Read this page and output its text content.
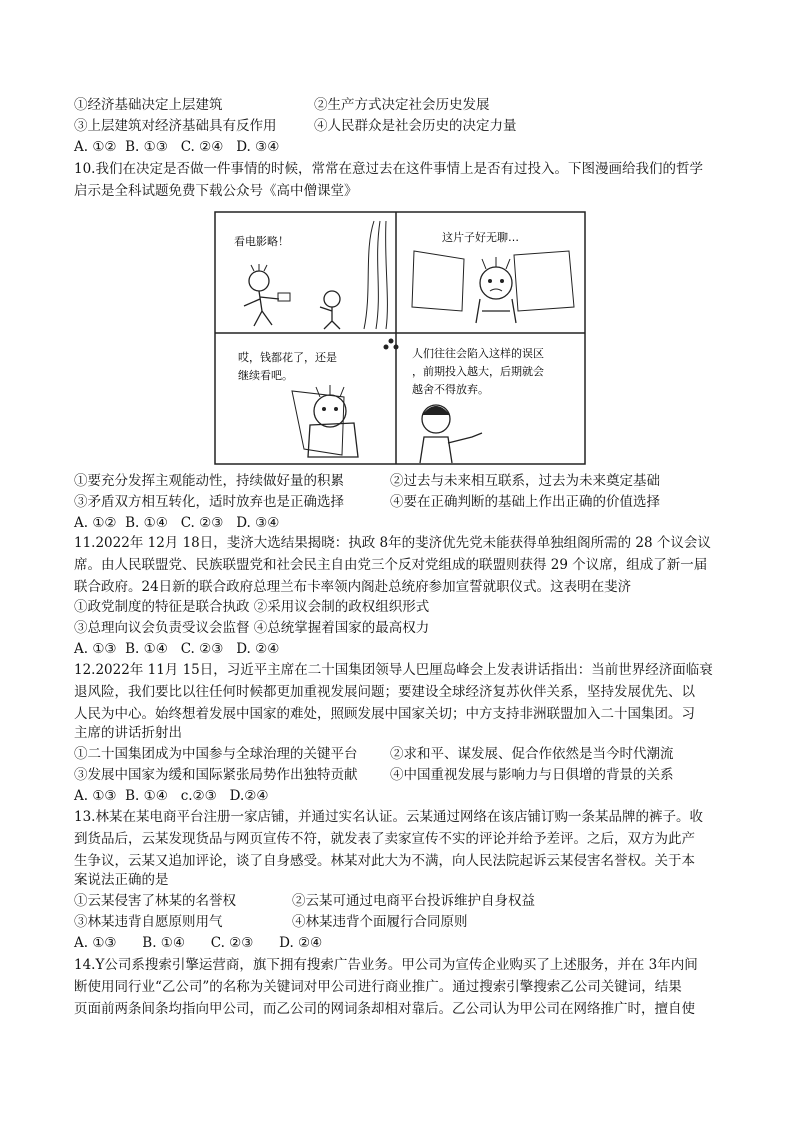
①经济基础决定上层建筑	②生产方式决定社会历史发展
③上层建筑对经济基础具有反作用	④人民群众是社会历史的决定力量
A. ①②  B. ①③   C. ②④   D. ③④
10.我们在决定是否做一件事情的时候，常常在意过去在这件事情上是否有过投入。下图漫画给我们的哲学
启示是全科试题免费下载公众号《高中僧课堂》
看电影略！	这片子好无聊…
哎，钱都花了，还是
继续看吧。
人们往往会陷入这样的误区
，前期投入越大，后期就会
越舍不得放弃。
①要充分发挥主观能动性，持续做好量的积累	②过去与未来相互联系，过去为未来奠定基础
③矛盾双方相互转化，适时放弃也是正确选择	④要在正确判断的基础上作出正确的价值选择
A. ①②  B. ①④   C. ②③   D. ③④
11.2022年 12月 18日，斐济大选结果揭晓：执政 8年的斐济优先党未能获得单独组阁所需的 28 个议会议
席。由人民联盟党、民族联盟党和社会民主自由党三个反对党组成的联盟则获得 29 个议席，组成了新一届
联合政府。24日新的联合政府总理兰布卡率领内阁赴总统府参加宣誓就职仪式。这表明在斐济
①政党制度的特征是联合执政 ②采用议会制的政权组织形式
③总理向议会负责受议会监督 ④总统掌握着国家的最高权力
A. ①③  B. ①④   C. ②③   D. ②④
12.2022年 11月 15日，习近平主席在二十国集团领导人巴厘岛峰会上发表讲话指出：当前世界经济面临衰
退风险，我们要比以往任何时候都更加重视发展问题；要建设全球经济复苏伙伴关系，坚持发展优先、以
人民为中心。始终想着发展中国家的难处，照顾发展中国家关切；中方支持非洲联盟加入二十国集团。习
主席的讲话折射出
①二十国集团成为中国参与全球治理的关键平台 ②求和平、谋发展、促合作依然是当今时代潮流
③发展中国家为缓和国际紧张局势作出独特贡献 ④中国重视发展与影响力与日俱增的背景的关系
A. ①③  B. ①④   c.②③   D.②④
13.林某在某电商平台注册一家店铺，并通过实名认证。云某通过网络在该店铺订购一条某品牌的裤子。收
到货品后，云某发现货品与网页宣传不符，就发表了卖家宣传不实的评论并给予差评。之后，双方为此产
生争议，云某又追加评论，谈了自身感受。林某对此大为不满，向人民法院起诉云某侵害名誉权。关于本
案说法正确的是
①云某侵害了林某的名誉权	②云某可通过电商平台投诉维护自身权益
③林某违背自愿原则用气	④林某违背个面履行合同原则
A. ①③      B. ①④      C. ②③      D. ②④
14.Y公司系搜索引擎运营商，旗下拥有搜索广告业务。甲公司为宣传企业购买了上述服务，并在 3年内间
断使用同行业“乙公司”的名称为关键词对甲公司进行商业推广。通过搜索引擎搜索乙公司关键词，结果
页面前两条间条均指向甲公司，而乙公司的网词条却相对靠后。乙公司认为甲公司在网络推广时，擅自使
